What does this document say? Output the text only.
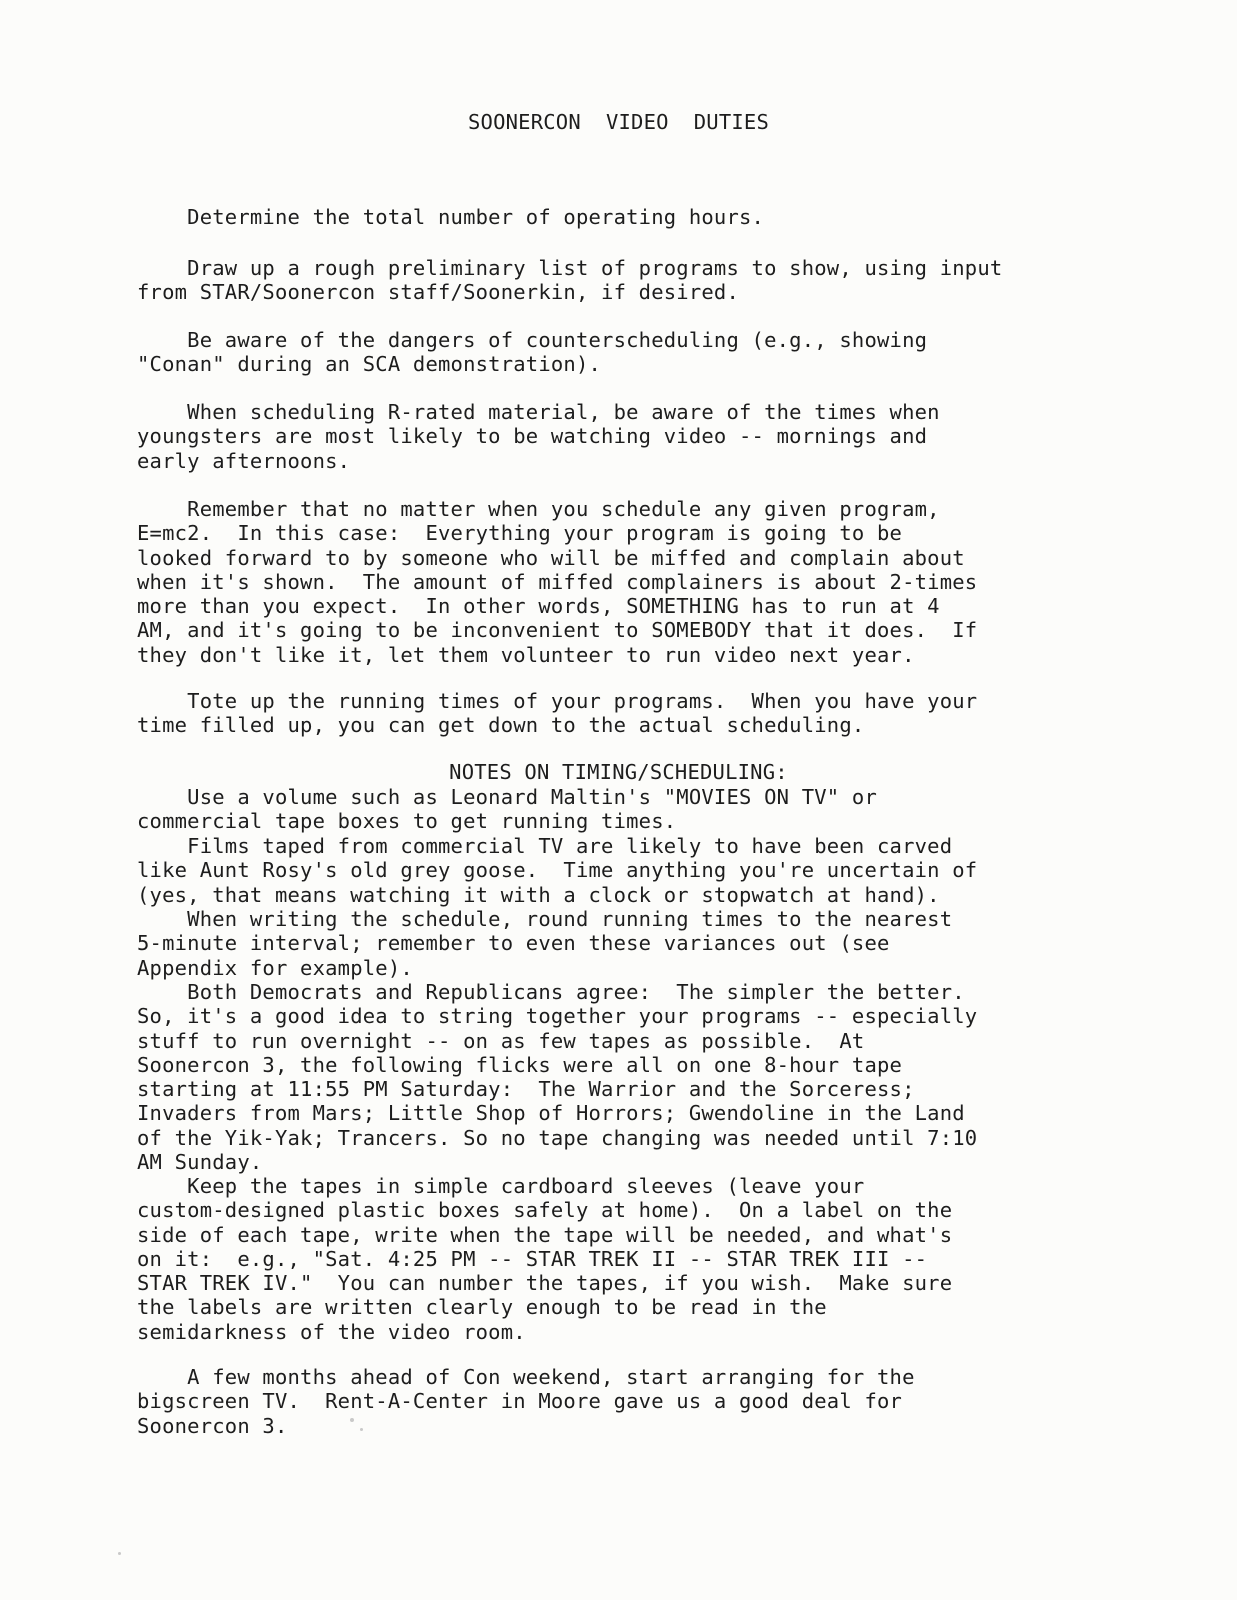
SOONERCON  VIDEO  DUTIES
Determine the total number of operating hours.
Draw up a rough preliminary list of programs to show, using input
from STAR/Soonercon staff/Soonerkin, if desired.
Be aware of the dangers of counterscheduling (e.g., showing
"Conan" during an SCA demonstration).
When scheduling R-rated material, be aware of the times when
youngsters are most likely to be watching video -- mornings and
early afternoons.
Remember that no matter when you schedule any given program,
E=mc2.  In this case:  Everything your program is going to be
looked forward to by someone who will be miffed and complain about
when it's shown.  The amount of miffed complainers is about 2-times
more than you expect.  In other words, SOMETHING has to run at 4
AM, and it's going to be inconvenient to SOMEBODY that it does.  If
they don't like it, let them volunteer to run video next year.
Tote up the running times of your programs.  When you have your
time filled up, you can get down to the actual scheduling.
NOTES ON TIMING/SCHEDULING:
Use a volume such as Leonard Maltin's "MOVIES ON TV" or
commercial tape boxes to get running times.
Films taped from commercial TV are likely to have been carved
like Aunt Rosy's old grey goose.  Time anything you're uncertain of
(yes, that means watching it with a clock or stopwatch at hand).
When writing the schedule, round running times to the nearest
5-minute interval; remember to even these variances out (see
Appendix for example).
Both Democrats and Republicans agree:  The simpler the better.
So, it's a good idea to string together your programs -- especially
stuff to run overnight -- on as few tapes as possible.  At
Soonercon 3, the following flicks were all on one 8-hour tape
starting at 11:55 PM Saturday:  The Warrior and the Sorceress;
Invaders from Mars; Little Shop of Horrors; Gwendoline in the Land
of the Yik-Yak; Trancers. So no tape changing was needed until 7:10
AM Sunday.
Keep the tapes in simple cardboard sleeves (leave your
custom-designed plastic boxes safely at home).  On a label on the
side of each tape, write when the tape will be needed, and what's
on it:  e.g., "Sat. 4:25 PM -- STAR TREK II -- STAR TREK III --
STAR TREK IV."  You can number the tapes, if you wish.  Make sure
the labels are written clearly enough to be read in the
semidarkness of the video room.
A few months ahead of Con weekend, start arranging for the
bigscreen TV.  Rent-A-Center in Moore gave us a good deal for
Soonercon 3.
